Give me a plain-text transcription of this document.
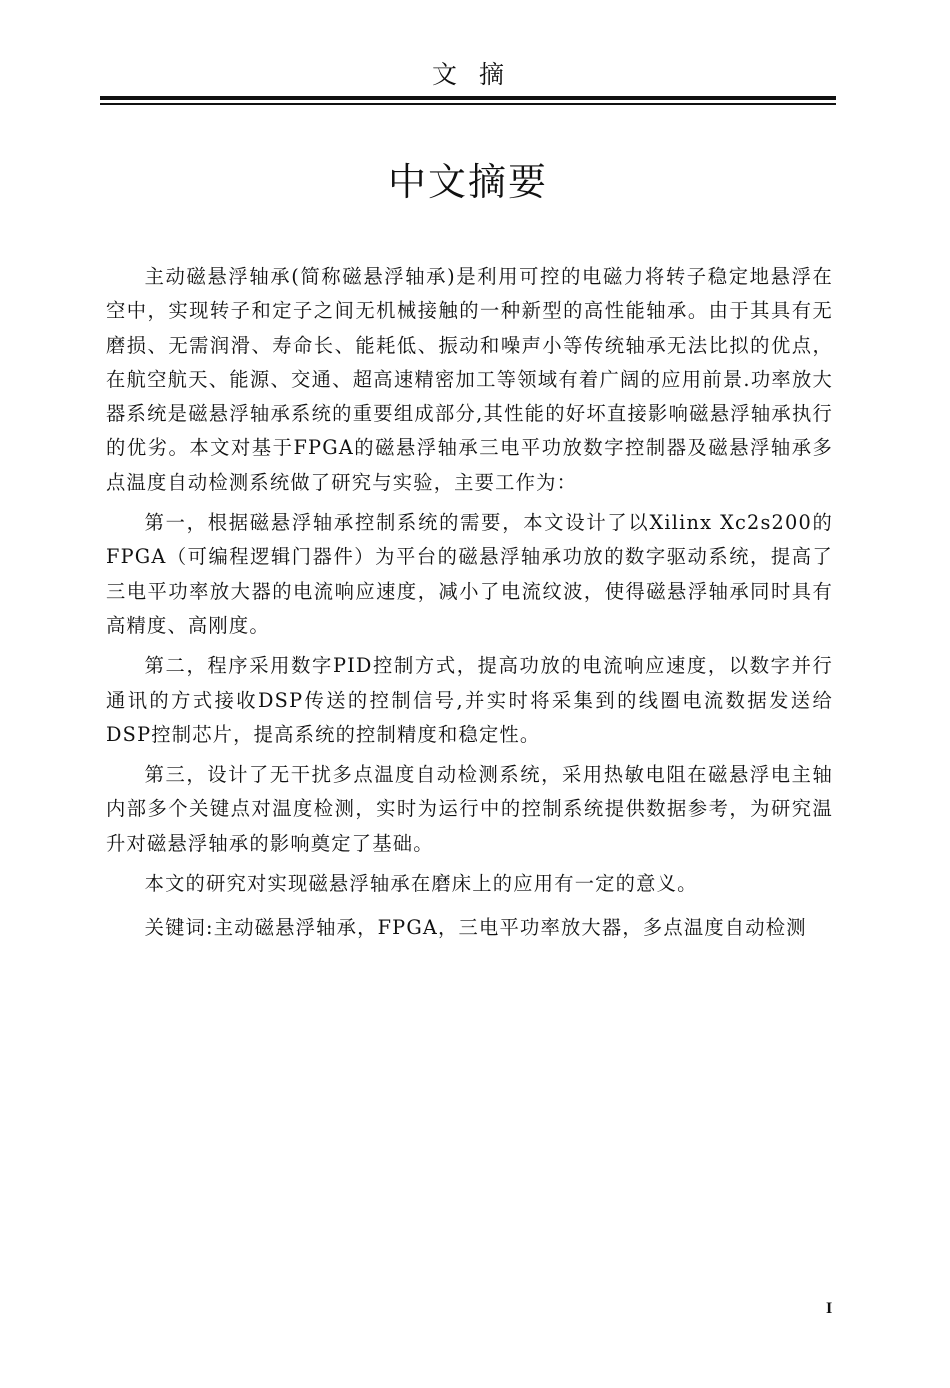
文摘
中文摘要

主动磁悬浮轴承(简称磁悬浮轴承)是利用可控的电磁力将转子稳定地悬浮在空中，实现转子和定子之间无机械接触的一种新型的高性能轴承。由于其具有无磨损、无需润滑、寿命长、能耗低、振动和噪声小等传统轴承无法比拟的优点，在航空航天、能源、交通、超高速精密加工等领域有着广阔的应用前景.功率放大器系统是磁悬浮轴承系统的重要组成部分,其性能的好坏直接影响磁悬浮轴承执行的优劣。本文对基于FPGA的磁悬浮轴承三电平功放数字控制器及磁悬浮轴承多点温度自动检测系统做了研究与实验，主要工作为：

第一，根据磁悬浮轴承控制系统的需要，本文设计了以Xilinx Xc2s200的FPGA（可编程逻辑门器件）为平台的磁悬浮轴承功放的数字驱动系统，提高了三电平功率放大器的电流响应速度，减小了电流纹波，使得磁悬浮轴承同时具有高精度、高刚度。

第二，程序采用数字PID控制方式，提高功放的电流响应速度，以数字并行通讯的方式接收DSP传送的控制信号,并实时将采集到的线圈电流数据发送给DSP控制芯片，提高系统的控制精度和稳定性。

第三，设计了无干扰多点温度自动检测系统，采用热敏电阻在磁悬浮电主轴内部多个关键点对温度检测，实时为运行中的控制系统提供数据参考，为研究温升对磁悬浮轴承的影响奠定了基础。

本文的研究对实现磁悬浮轴承在磨床上的应用有一定的意义。

关键词:主动磁悬浮轴承，FPGA，三电平功率放大器，多点温度自动检测

I
